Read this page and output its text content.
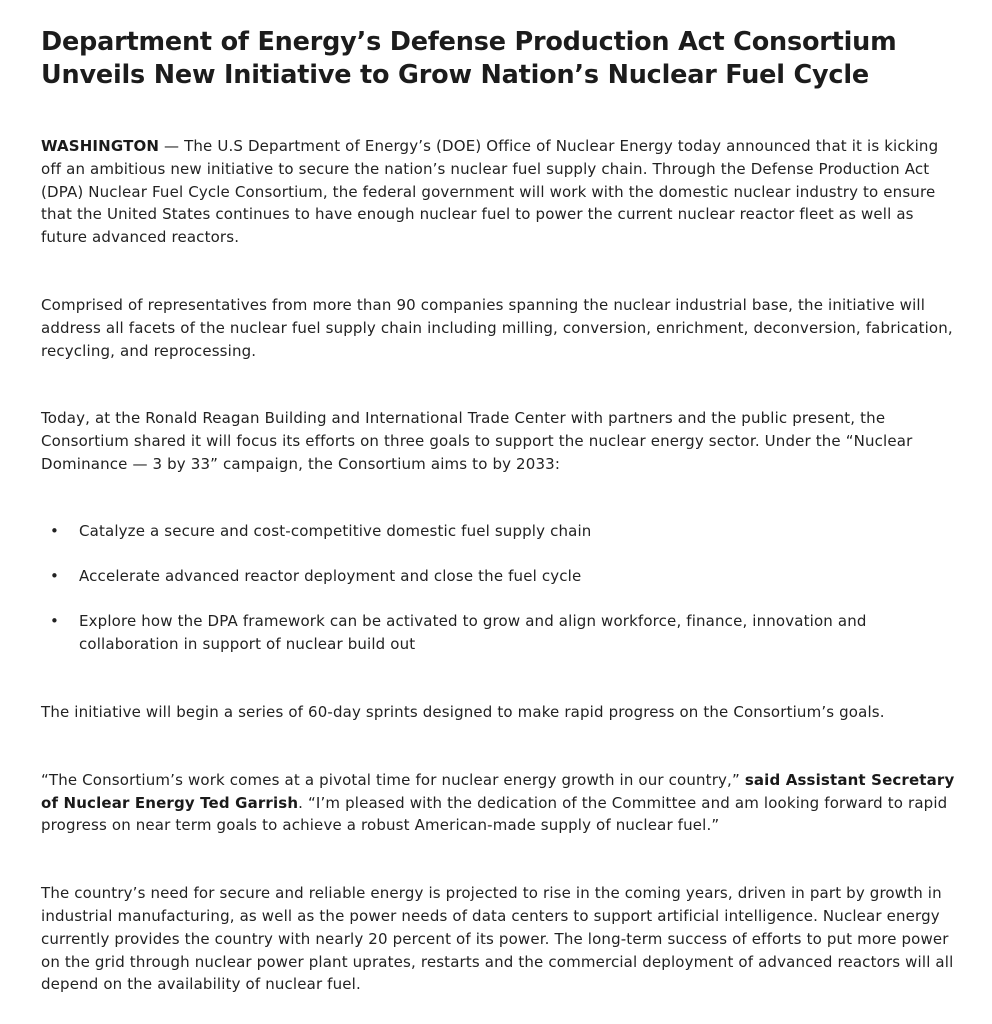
Department of Energy’s Defense Production Act Consortium Unveils New Initiative to Grow Nation’s Nuclear Fuel Cycle

WASHINGTON — The U.S Department of Energy’s (DOE) Office of Nuclear Energy today announced that it is kicking off an ambitious new initiative to secure the nation’s nuclear fuel supply chain. Through the Defense Production Act (DPA) Nuclear Fuel Cycle Consortium, the federal government will work with the domestic nuclear industry to ensure that the United States continues to have enough nuclear fuel to power the current nuclear reactor fleet as well as future advanced reactors.

Comprised of representatives from more than 90 companies spanning the nuclear industrial base, the initiative will address all facets of the nuclear fuel supply chain including milling, conversion, enrichment, deconversion, fabrication, recycling, and reprocessing.

Today, at the Ronald Reagan Building and International Trade Center with partners and the public present, the Consortium shared it will focus its efforts on three goals to support the nuclear energy sector. Under the “Nuclear Dominance — 3 by 33” campaign, the Consortium aims to by 2033:

• Catalyze a secure and cost-competitive domestic fuel supply chain
• Accelerate advanced reactor deployment and close the fuel cycle
• Explore how the DPA framework can be activated to grow and align workforce, finance, innovation and collaboration in support of nuclear build out

The initiative will begin a series of 60-day sprints designed to make rapid progress on the Consortium’s goals.

“The Consortium’s work comes at a pivotal time for nuclear energy growth in our country,” said Assistant Secretary of Nuclear Energy Ted Garrish. “I’m pleased with the dedication of the Committee and am looking forward to rapid progress on near term goals to achieve a robust American-made supply of nuclear fuel.”

The country’s need for secure and reliable energy is projected to rise in the coming years, driven in part by growth in industrial manufacturing, as well as the power needs of data centers to support artificial intelligence. Nuclear energy currently provides the country with nearly 20 percent of its power. The long-term success of efforts to put more power on the grid through nuclear power plant uprates, restarts and the commercial deployment of advanced reactors will all depend on the availability of nuclear fuel.
